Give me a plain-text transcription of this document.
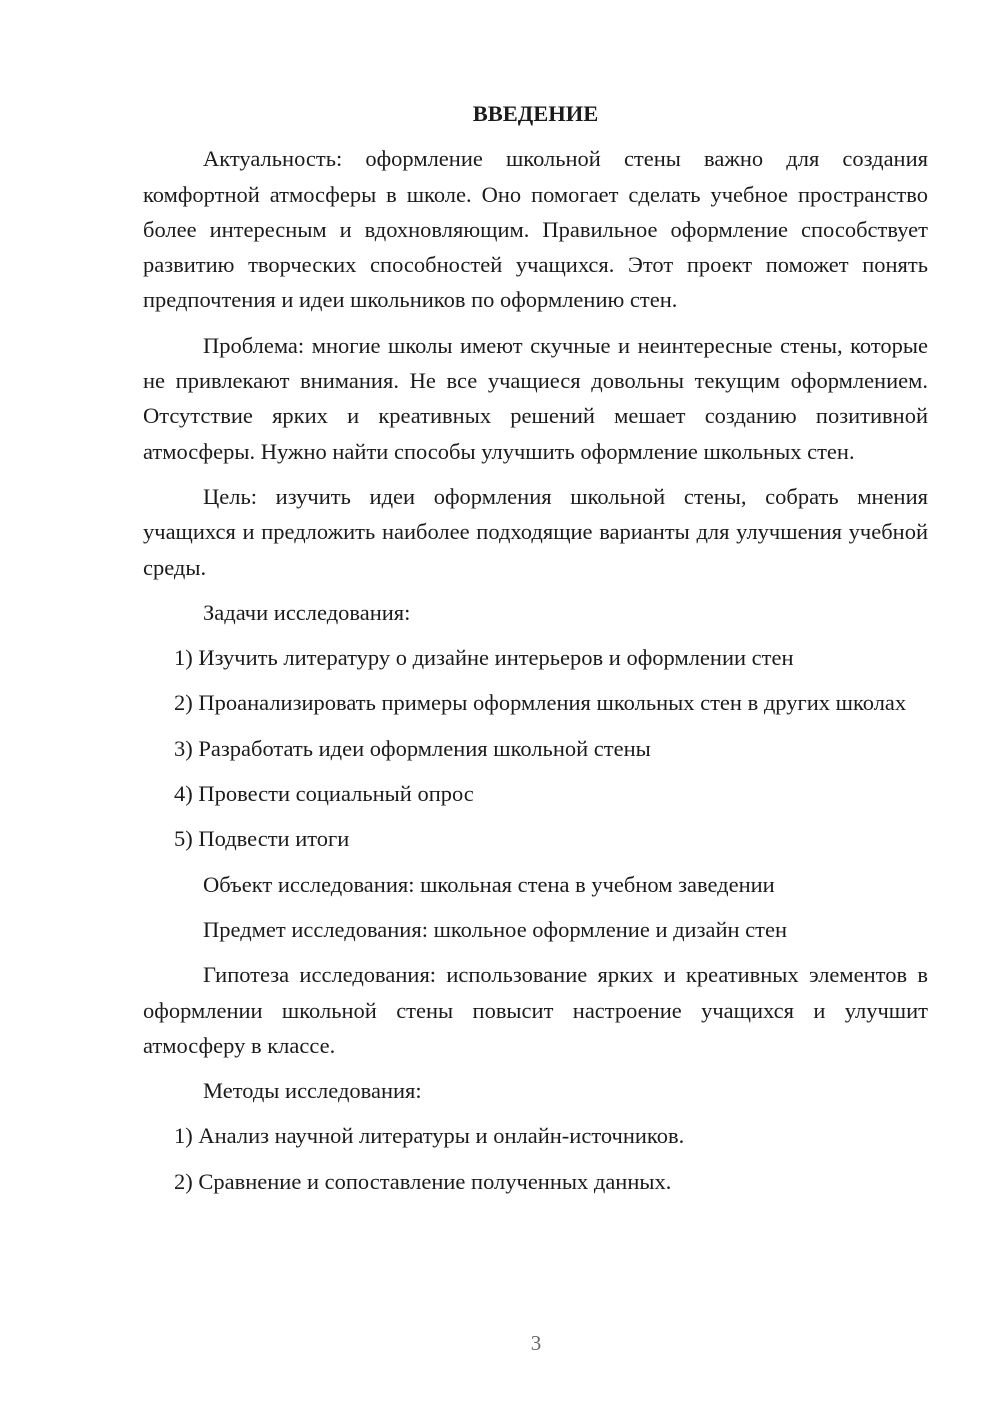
ВВЕДЕНИЕ

Актуальность: оформление школьной стены важно для создания комфортной атмосферы в школе. Оно помогает сделать учебное пространство более интересным и вдохновляющим. Правильное оформление способствует развитию творческих способностей учащихся. Этот проект поможет понять предпочтения и идеи школьников по оформлению стен.

Проблема: многие школы имеют скучные и неинтересные стены, которые не привлекают внимания. Не все учащиеся довольны текущим оформлением. Отсутствие ярких и креативных решений мешает созданию позитивной атмосферы. Нужно найти способы улучшить оформление школьных стен.

Цель: изучить идеи оформления школьной стены, собрать мнения учащихся и предложить наиболее подходящие варианты для улучшения учебной среды.

Задачи исследования:

1) Изучить литературу о дизайне интерьеров и оформлении стен

2) Проанализировать примеры оформления школьных стен в других школах

3) Разработать идеи оформления школьной стены

4) Провести социальный опрос

5) Подвести итоги

Объект исследования: школьная стена в учебном заведении

Предмет исследования: школьное оформление и дизайн стен

Гипотеза исследования: использование ярких и креативных элементов в оформлении школьной стены повысит настроение учащихся и улучшит атмосферу в классе.

Методы исследования:

1) Анализ научной литературы и онлайн-источников.

2) Сравнение и сопоставление полученных данных.

3
